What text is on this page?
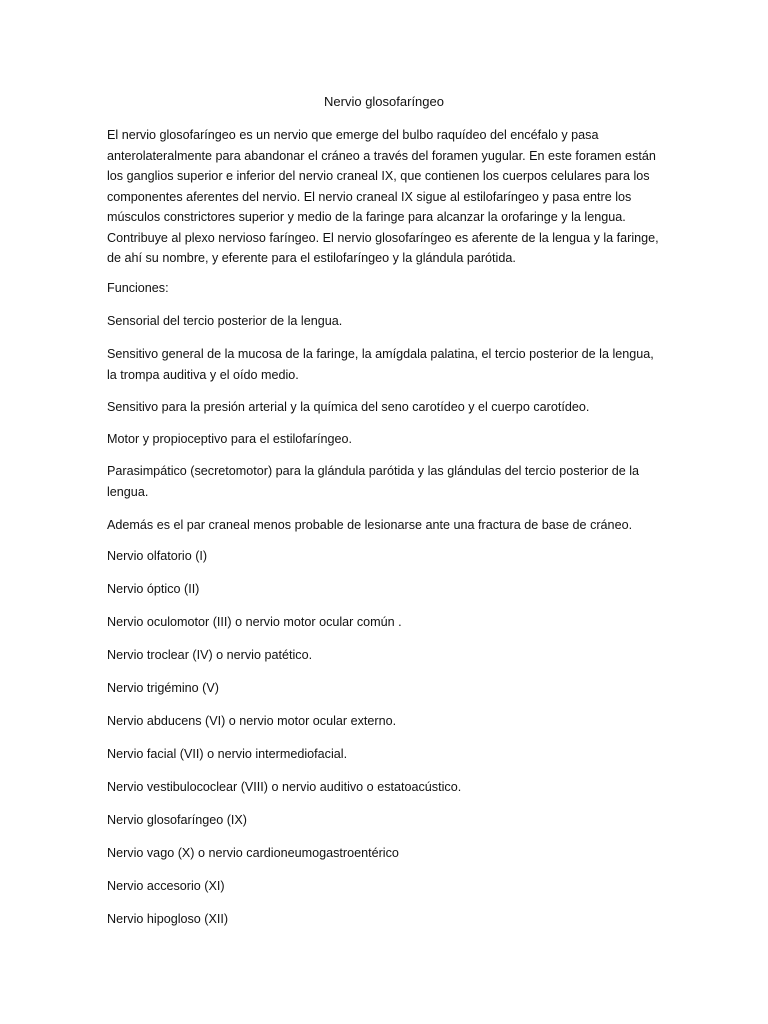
Nervio glosofaríngeo

El nervio glosofaríngeo es un nervio que emerge del bulbo raquídeo del encéfalo y pasa anterolateralmente para abandonar el cráneo a través del foramen yugular. En este foramen están los ganglios superior e inferior del nervio craneal IX, que contienen los cuerpos celulares para los componentes aferentes del nervio. El nervio craneal IX sigue al estilofaríngeo y pasa entre los músculos constrictores superior y medio de la faringe para alcanzar la orofaringe y la lengua. Contribuye al plexo nervioso faríngeo. El nervio glosofaríngeo es aferente de la lengua y la faringe, de ahí su nombre, y eferente para el estilofaríngeo y la glándula parótida.

Funciones:

Sensorial del tercio posterior de la lengua.

Sensitivo general de la mucosa de la faringe, la amígdala palatina, el tercio posterior de la lengua, la trompa auditiva y el oído medio.

Sensitivo para la presión arterial y la química del seno carotídeo y el cuerpo carotídeo.

Motor y propioceptivo para el estilofaríngeo.

Parasimpático (secretomotor) para la glándula parótida y las glándulas del tercio posterior de la lengua.

Además es el par craneal menos probable de lesionarse ante una fractura de base de cráneo.

Nervio olfatorio (I)

Nervio óptico (II)

Nervio oculomotor (III) o nervio motor ocular común .

Nervio troclear (IV) o nervio patético.

Nervio trigémino (V)

Nervio abducens (VI) o nervio motor ocular externo.

Nervio facial (VII) o nervio intermediofacial.

Nervio vestibulococlear (VIII) o nervio auditivo o estatoacústico.

Nervio glosofaríngeo (IX)

Nervio vago (X) o nervio cardioneumogastroentérico

Nervio accesorio (XI)

Nervio hipogloso (XII)
